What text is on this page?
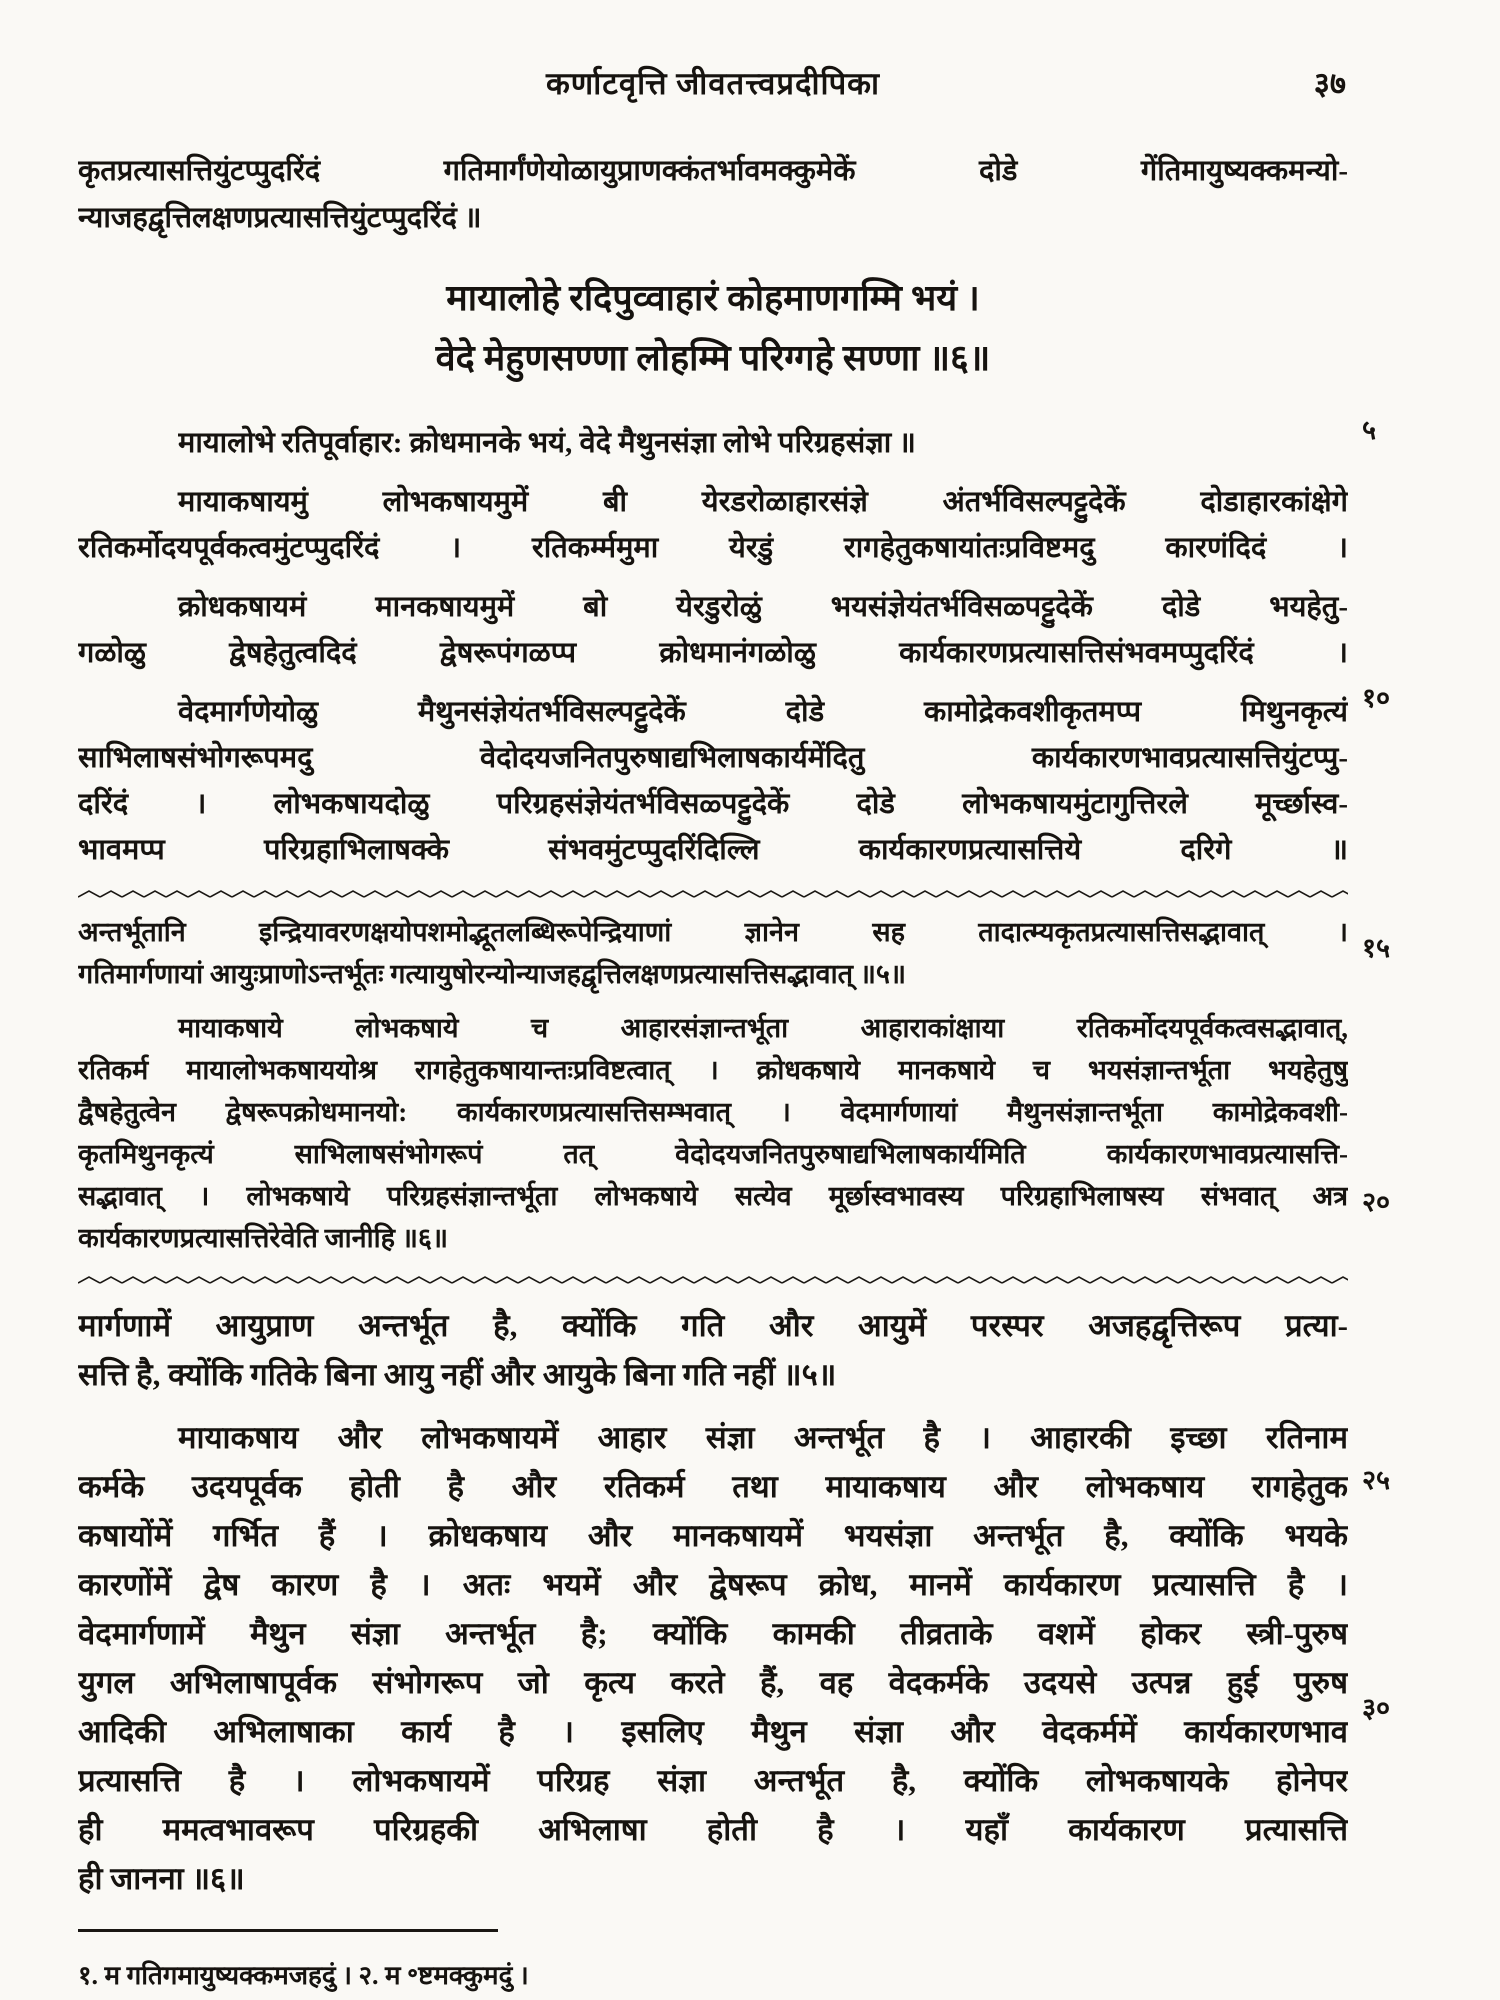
कर्णाटवृत्ति जीवतत्त्वप्रदीपिका	३७
कृतप्रत्यासत्तियुंटप्पुदरिंदं गतिमार्गंणेयोळायुप्राणक्कंतर्भावमक्कुमेकें दोडे गेंतिमायुष्यक्कमन्यो-
न्याजहद्वृत्तिलक्षणप्रत्यासत्तियुंटप्पुदरिंदं ॥
मायालोहे रदिपुव्वाहारं कोहमाणगम्मि भयं ।
वेदे मेहुणसण्णा लोहम्मि परिग्गहे सण्णा ॥६॥
मायालोभे रतिपूर्वाहार: क्रोधमानके भयं, वेदे मैथुनसंज्ञा लोभे परिग्रहसंज्ञा ॥
मायाकषायमुं लोभकषायमुमें बी येरडरोळाहारसंज्ञे अंतर्भविसल्पट्टुदेकें दोडाहारकांक्षेगे
रतिकर्मोदयपूर्वकत्वमुंटप्पुदरिंदं । रतिकर्म्ममुमा येरडुं रागहेतुकषायांतःप्रविष्टमदु कारणंदिदं ।
क्रोधकषायमं मानकषायमुमें बो येरडुरोळुं भयसंज्ञेयंतर्भविसळ्पट्टुदेकें दोडे भयहेतु-
गळोळु द्वेषहेतुत्वदिदं द्वेषरूपंगळप्प क्रोधमानंगळोळु कार्यकारणप्रत्यासत्तिसंभवमप्पुदरिंदं ।
वेदमार्गणेयोळु मैथुनसंज्ञेयंतर्भविसल्पट्टुदेकें दोडे कामोद्रेकवशीकृतमप्प मिथुनकृत्यं
साभिलाषसंभोगरूपमदु वेदोदयजनितपुरुषाद्यभिलाषकार्यमेंदितु कार्यकारणभावप्रत्यासत्तियुंटप्पु-
दरिंदं । लोभकषायदोळु परिग्रहसंज्ञेयंतर्भविसळ्पट्टुदेकें दोडे लोभकषायमुंटागुत्तिरले मूर्च्छास्व-
भावमप्प परिग्रहाभिलाषक्के संभवमुंटप्पुदरिंदिल्लि कार्यकारणप्रत्यासत्तिये दरिगे ॥
अन्तर्भूतानि इन्द्रियावरणक्षयोपशमोद्भूतलब्धिरूपेन्द्रियाणां ज्ञानेन सह तादात्म्यकृतप्रत्यासत्तिसद्भावात् ।
गतिमार्गणायां आयुःप्राणोऽन्तर्भूतः गत्यायुषोरन्योन्याजहद्वृत्तिलक्षणप्रत्यासत्तिसद्भावात् ॥५॥
मायाकषाये लोभकषाये च आहारसंज्ञान्तर्भूता आहाराकांक्षाया रतिकर्मोदयपूर्वकत्वसद्भावात्,
रतिकर्म मायालोभकषाययोश्र रागहेतुकषायान्तःप्रविष्टत्वात् । क्रोधकषाये मानकषाये च भयसंज्ञान्तर्भूता भयहेतुषु
द्वैषहेतुत्वेन द्वेषरूपक्रोधमानयो: कार्यकारणप्रत्यासत्तिसम्भवात् । वेदमार्गणायां मैथुनसंज्ञान्तर्भूता कामोद्रेकवशी-
कृतमिथुनकृत्यं साभिलाषसंभोगरूपं तत् वेदोदयजनितपुरुषाद्यभिलाषकार्यमिति कार्यकारणभावप्रत्यासत्ति-
सद्भावात् । लोभकषाये परिग्रहसंज्ञान्तर्भूता लोभकषाये सत्येव मूर्छास्वभावस्य परिग्रहाभिलाषस्य संभवात् अत्र
कार्यकारणप्रत्यासत्तिरेवेति जानीहि ॥६॥
मार्गणामें आयुप्राण अन्तर्भूत है, क्योंकि गति और आयुमें परस्पर अजहद्वृत्तिरूप प्रत्या-
सत्ति है, क्योंकि गतिके बिना आयु नहीं और आयुके बिना गति नहीं ॥५॥
मायाकषाय और लोभकषायमें आहार संज्ञा अन्तर्भूत है । आहारकी इच्छा रतिनाम
कर्मके उदयपूर्वक होती है और रतिकर्म तथा मायाकषाय और लोभकषाय रागहेतुक
कषायोंमें गर्भित हैं । क्रोधकषाय और मानकषायमें भयसंज्ञा अन्तर्भूत है, क्योंकि भयके
कारणोंमें द्वेष कारण है । अतः भयमें और द्वेषरूप क्रोध, मानमें कार्यकारण प्रत्यासत्ति है ।
वेदमार्गणामें मैथुन संज्ञा अन्तर्भूत है; क्योंकि कामकी तीव्रताके वशमें होकर स्त्री-पुरुष
युगल अभिलाषापूर्वक संभोगरूप जो कृत्य करते हैं, वह वेदकर्मके उदयसे उत्पन्न हुई पुरुष
आदिकी अभिलाषाका कार्य है । इसलिए मैथुन संज्ञा और वेदकर्ममें कार्यकारणभाव
प्रत्यासत्ति है । लोभकषायमें परिग्रह संज्ञा अन्तर्भूत है, क्योंकि लोभकषायके होनेपर
ही ममत्वभावरूप परिग्रहकी अभिलाषा होती है । यहाँ कार्यकारण प्रत्यासत्ति
ही जानना ॥६॥
१. म गतिगमायुष्यक्कमजहदुं । २. म ॰ष्टमक्कुमदुं ।
५
१०
१५
२०
२५
३०
